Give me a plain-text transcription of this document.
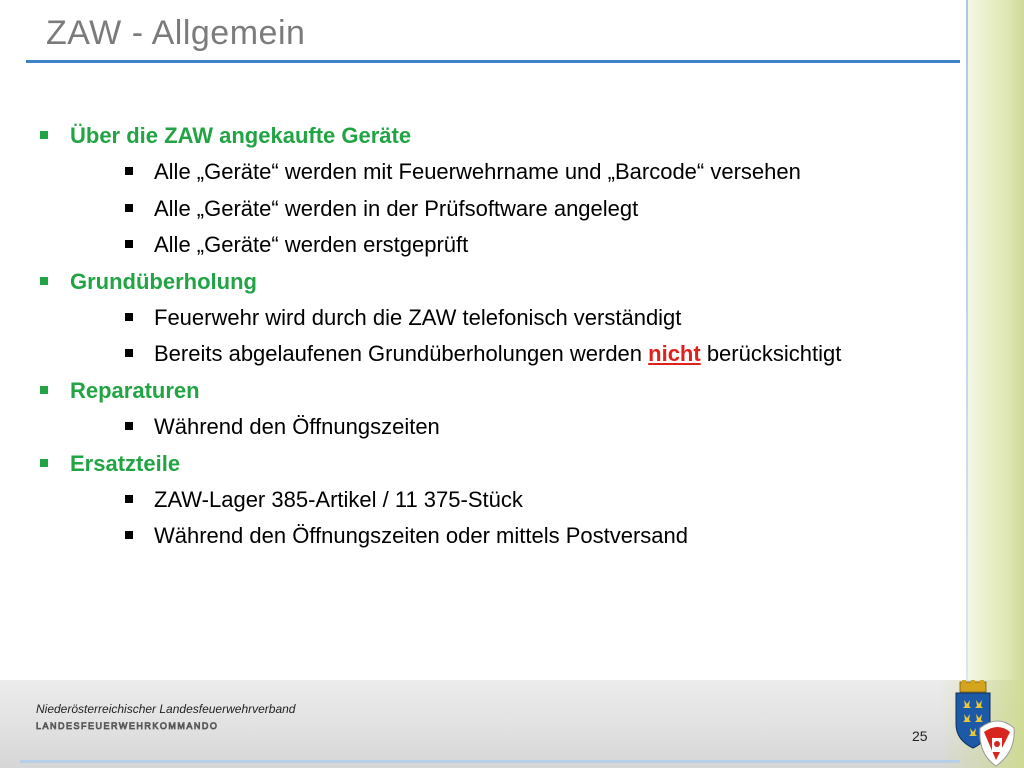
ZAW - Allgemein
Über die ZAW angekaufte Geräte
Alle „Geräte“ werden mit Feuerwehrname und „Barcode“ versehen
Alle „Geräte“ werden in der Prüfsoftware angelegt
Alle „Geräte“ werden erstgeprüft
Grundüberholung
Feuerwehr wird durch die ZAW telefonisch verständigt
Bereits abgelaufenen Grundüberholungen werden nicht berücksichtigt
Reparaturen
Während den Öffnungszeiten
Ersatzteile
ZAW-Lager 385-Artikel / 11 375-Stück
Während den Öffnungszeiten oder mittels Postversand
Niederösterreichischer Landesfeuerwehrverband
landesfeuerwehrkommando
25
